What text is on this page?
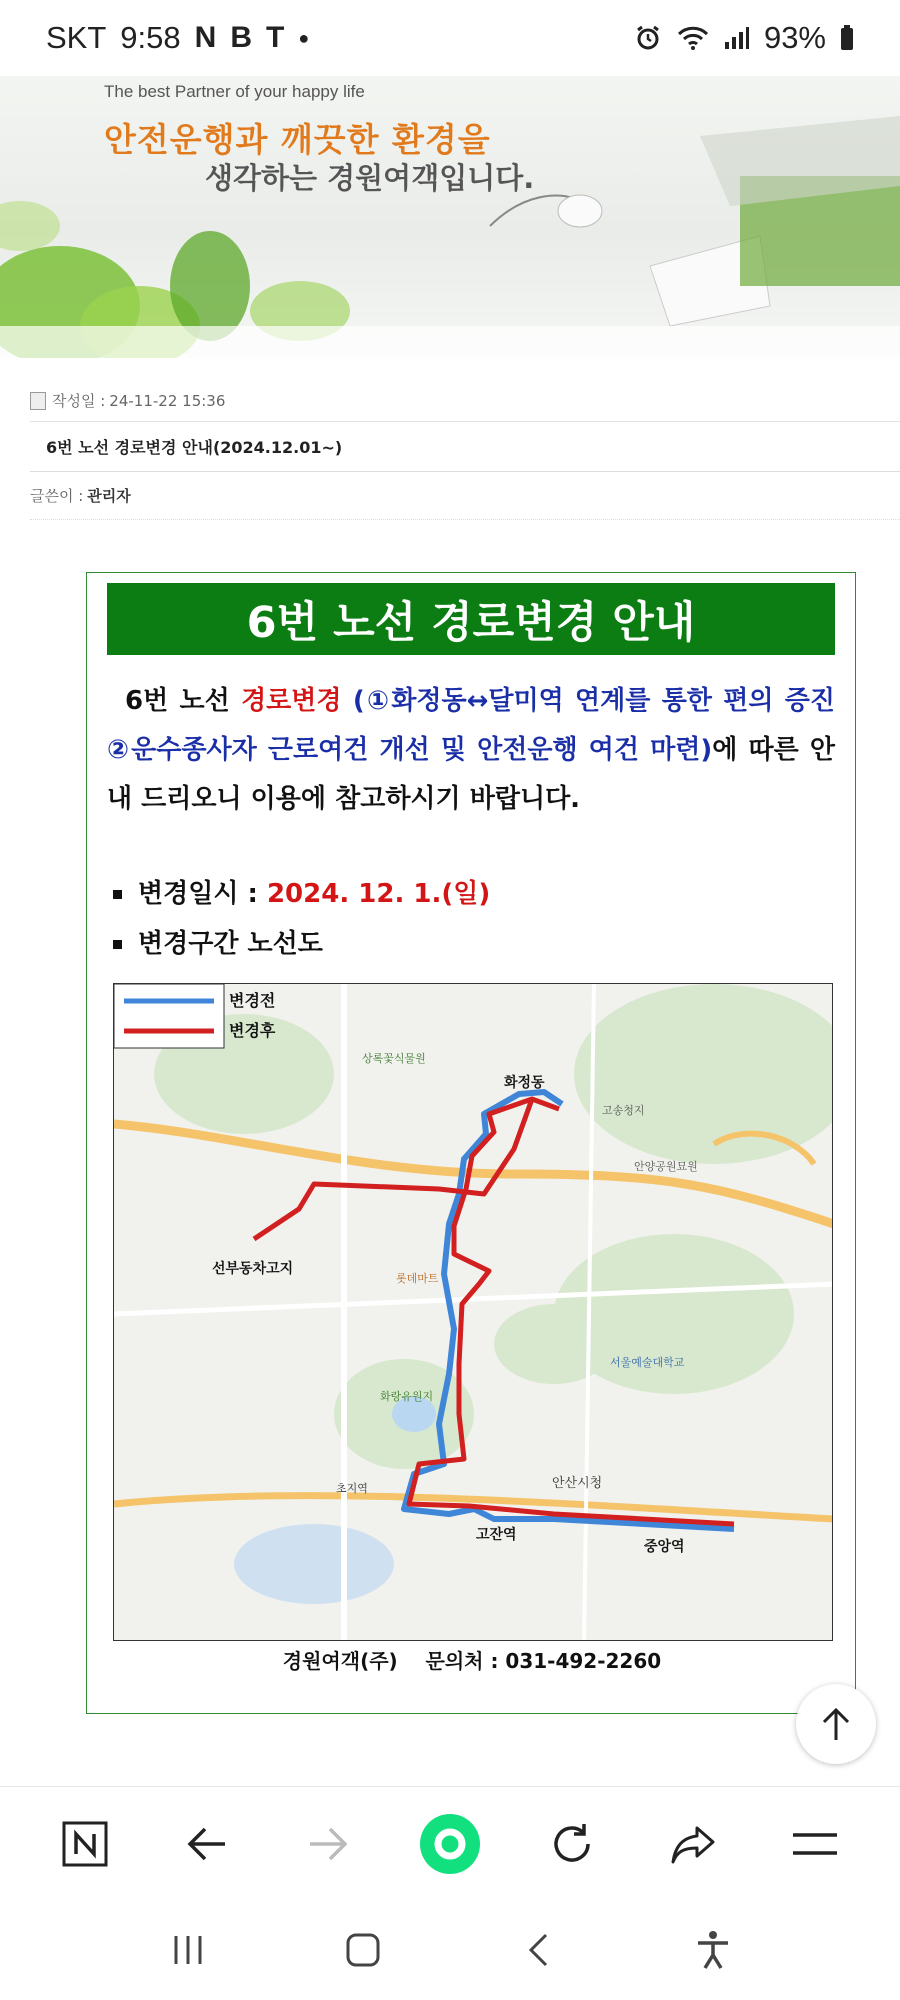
SKT 9:58 N B T ●	93%
The best Partner of your happy life
안전운행과 깨끗한 환경을
생각하는 경원여객입니다.
작성일 : 24-11-22 15:36
6번 노선 경로변경 안내(2024.12.01~)
글쓴이 : 관리자
6번 노선 경로변경 안내
6번 노선 경로변경 (①화정동↔달미역 연계를 통한 편의 증진 ②운수종사자 근로여건 개선 및 안전운행 여건 마련)에 따른 안내 드리오니 이용에 참고하시기 바랍니다.
변경일시 : 2024. 12. 1.(일)
변경구간 노선도
변경전
변경후
화정동
선부동차고지
고잔역
중앙역
안산시청
롯데마트
상록꽃식물원
고송청지
안양공원묘원
서울예술대학교
화랑유원지
초지역
경원여객(주)    문의처 : 031-492-2260
